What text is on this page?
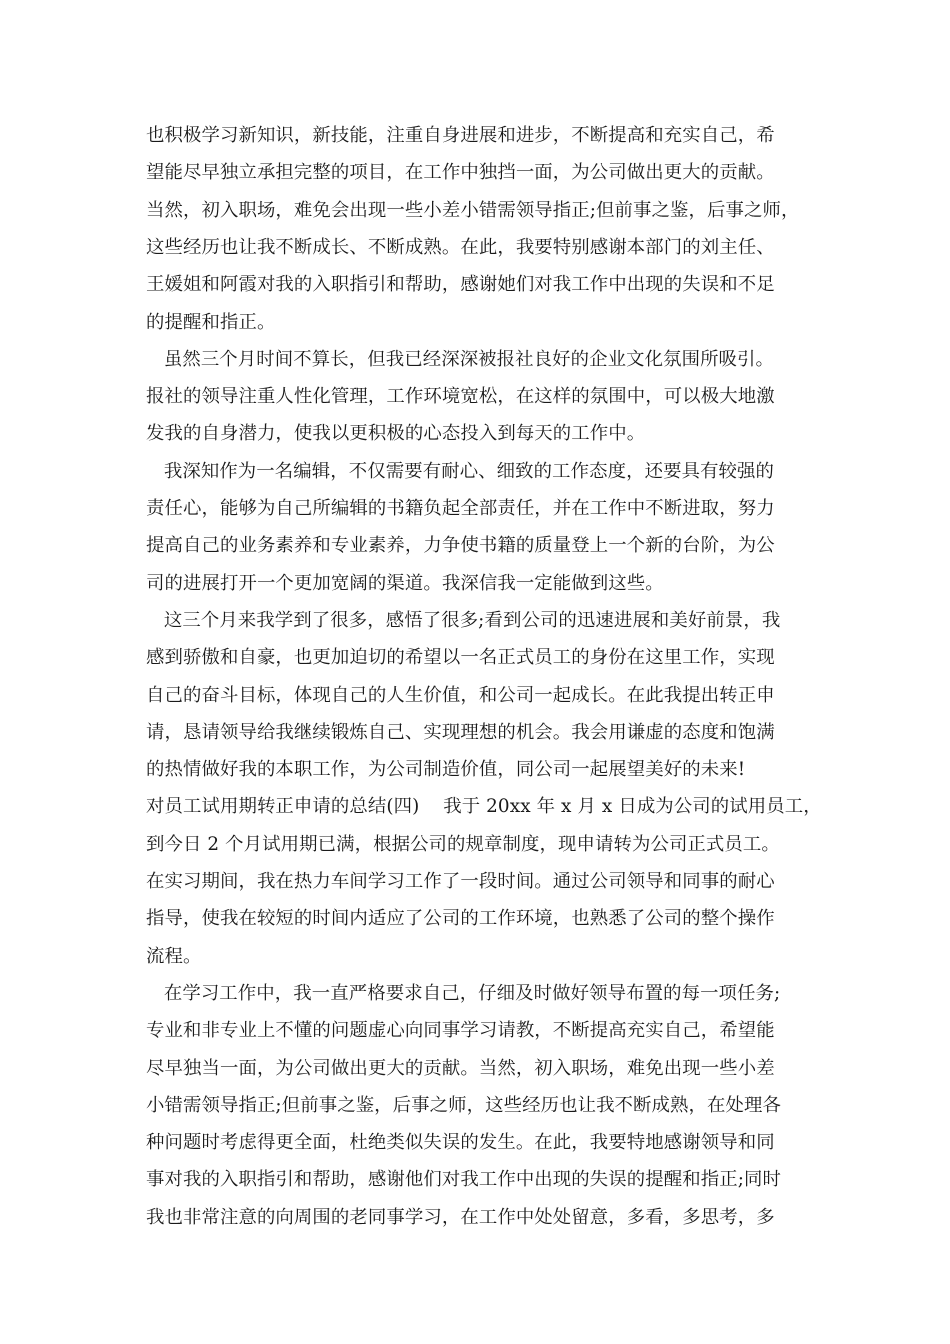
也积极学习新知识，新技能，注重自身进展和进步，不断提高和充实自己，希
望能尽早独立承担完整的项目，在工作中独挡一面，为公司做出更大的贡献。
当然，初入职场，难免会出现一些小差小错需领导指正;但前事之鉴，后事之师，
这些经历也让我不断成长、不断成熟。在此，我要特别感谢本部门的刘主任、
王媛姐和阿霞对我的入职指引和帮助，感谢她们对我工作中出现的失误和不足
的提醒和指正。
虽然三个月时间不算长，但我已经深深被报社良好的企业文化氛围所吸引。
报社的领导注重人性化管理，工作环境宽松，在这样的氛围中，可以极大地激
发我的自身潜力，使我以更积极的心态投入到每天的工作中。
我深知作为一名编辑，不仅需要有耐心、细致的工作态度，还要具有较强的
责任心，能够为自己所编辑的书籍负起全部责任，并在工作中不断进取，努力
提高自己的业务素养和专业素养，力争使书籍的质量登上一个新的台阶，为公
司的进展打开一个更加宽阔的渠道。我深信我一定能做到这些。
这三个月来我学到了很多，感悟了很多;看到公司的迅速进展和美好前景，我
感到骄傲和自豪，也更加迫切的希望以一名正式员工的身份在这里工作，实现
自己的奋斗目标，体现自己的人生价值，和公司一起成长。在此我提出转正申
请，恳请领导给我继续锻炼自己、实现理想的机会。我会用谦虚的态度和饱满
的热情做好我的本职工作，为公司制造价值，同公司一起展望美好的未来!
对员工试用期转正申请的总结(四)    我于 20xx 年 x 月 x 日成为公司的试用员工，
到今日 2 个月试用期已满，根据公司的规章制度，现申请转为公司正式员工。
在实习期间，我在热力车间学习工作了一段时间。通过公司领导和同事的耐心
指导，使我在较短的时间内适应了公司的工作环境，也熟悉了公司的整个操作
流程。
在学习工作中，我一直严格要求自己，仔细及时做好领导布置的每一项任务;
专业和非专业上不懂的问题虚心向同事学习请教，不断提高充实自己，希望能
尽早独当一面，为公司做出更大的贡献。当然，初入职场，难免出现一些小差
小错需领导指正;但前事之鉴，后事之师，这些经历也让我不断成熟，在处理各
种问题时考虑得更全面，杜绝类似失误的发生。在此，我要特地感谢领导和同
事对我的入职指引和帮助，感谢他们对我工作中出现的失误的提醒和指正;同时
我也非常注意的向周围的老同事学习，在工作中处处留意，多看，多思考，多
